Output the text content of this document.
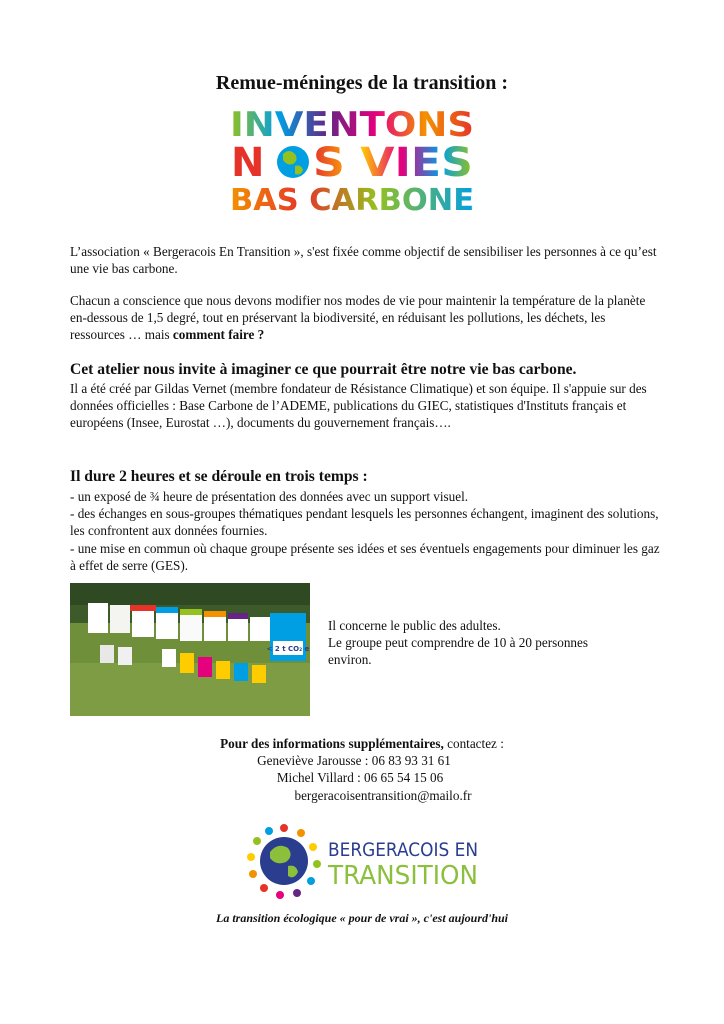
Remue-méninges de la transition :
INVENTONS
N S VIES
BAS CARBONE
L’association « Bergeracois En Transition », s'est fixée comme objectif de sensibiliser les personnes à ce qu’est une vie bas carbone.
Chacun a conscience que nous devons modifier nos modes de vie pour maintenir la température de la planète en-dessous de 1,5 degré, tout en préservant la biodiversité, en réduisant les pollutions, les déchets, les ressources … mais comment faire ?
Cet atelier nous invite à imaginer ce que pourrait être notre vie bas carbone.
Il a été créé par Gildas Vernet (membre fondateur de Résistance Climatique) et son équipe. Il s'appuie sur des données officielles : Base Carbone de l’ADEME, publications du GIEC, statistiques d'Instituts français et européens (Insee, Eurostat …), documents du gouvernement français….
Il dure 2 heures et se déroule en trois temps :
- un exposé de ¾ heure de présentation des données avec un support visuel.
- des échanges en sous-groupes thématiques pendant lesquels les personnes échangent, imaginent des solutions, les confrontent aux données fournies.
- une mise en commun où chaque groupe présente ses idées et ses éventuels engagements pour diminuer les gaz à effet de serre (GES).
< 2 t CO₂ e
Il concerne le public des adultes.
Le groupe peut comprendre de 10 à 20 personnes environ.
Pour des informations supplémentaires, contactez :
Geneviève Jarousse : 06 83 93 31 61
Michel Villard : 06 65 54 15 06
bergeracoisentransition@mailo.fr
BERGERACOIS EN
TRANSITION
La transition écologique « pour de vrai », c'est aujourd'hui
